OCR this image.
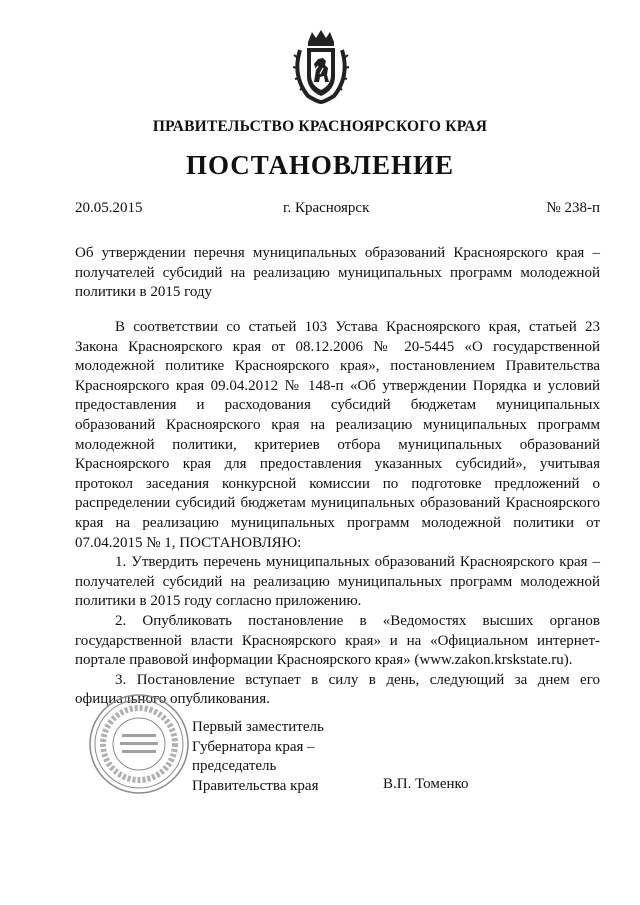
ПРАВИТЕЛЬСТВО КРАСНОЯРСКОГО КРАЯ
ПОСТАНОВЛЕНИЕ
20.05.2015	г. Красноярск	№ 238-п
Об утверждении перечня муниципальных образований Красноярского края – получателей субсидий на реализацию муниципальных программ молодежной политики в 2015 году

В соответствии со статьей 103 Устава Красноярского края, статьей 23 Закона Красноярского края от 08.12.2006 № 20-5445 «О государственной молодежной политике Красноярского края», постановлением Правительства Красноярского края 09.04.2012 № 148-п «Об утверждении Порядка и условий предоставления и расходования субсидий бюджетам муниципальных образований Красноярского края на реализацию муниципальных программ молодежной политики, критериев отбора муниципальных образований Красноярского края для предоставления указанных субсидий», учитывая протокол заседания конкурсной комиссии по подготовке предложений о распределении субсидий бюджетам муниципальных образований Красноярского края на реализацию муниципальных программ молодежной политики от 07.04.2015 № 1, ПОСТАНОВЛЯЮ:

1. Утвердить перечень муниципальных образований Красноярского края – получателей субсидий на реализацию муниципальных программ молодежной политики в 2015 году согласно приложению.

2. Опубликовать постановление в «Ведомостях высших органов государственной власти Красноярского края» и на «Официальном интернет-портале правовой информации Красноярского края» (www.zakon.krskstate.ru).

3. Постановление вступает в силу в день, следующий за днем его официального опубликования.

Первый заместитель
Губернатора края –
председатель
Правительства края	В.П. Томенко
